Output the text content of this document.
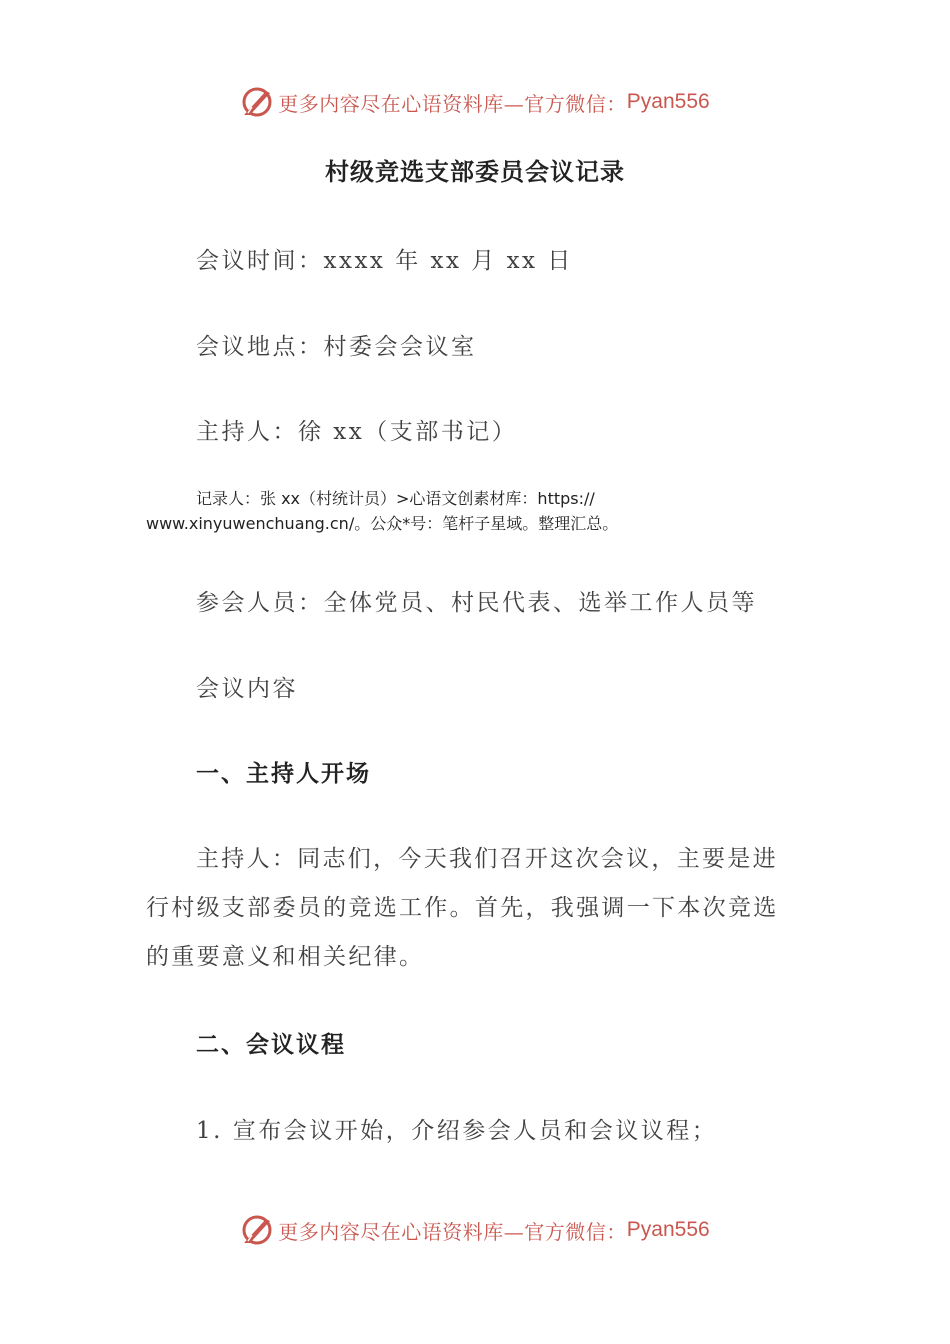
更多内容尽在心语资料库—官方微信： Pyan556
村级竞选支部委员会议记录
会议时间：xxxx 年 xx 月 xx 日
会议地点：村委会会议室
主持人：徐 xx（支部书记）
记录人：张 xx（村统计员）>心语文创素材库：https://
www.xinyuwenchuang.cn/。公众*号：笔杆子星域。整理汇总。
参会人员：全体党员、村民代表、选举工作人员等
会议内容
一、主持人开场
主持人：同志们，今天我们召开这次会议，主要是进
行村级支部委员的竞选工作。首先，我强调一下本次竞选
的重要意义和相关纪律。
二、会议议程
1. 宣布会议开始，介绍参会人员和会议议程；
更多内容尽在心语资料库—官方微信： Pyan556
